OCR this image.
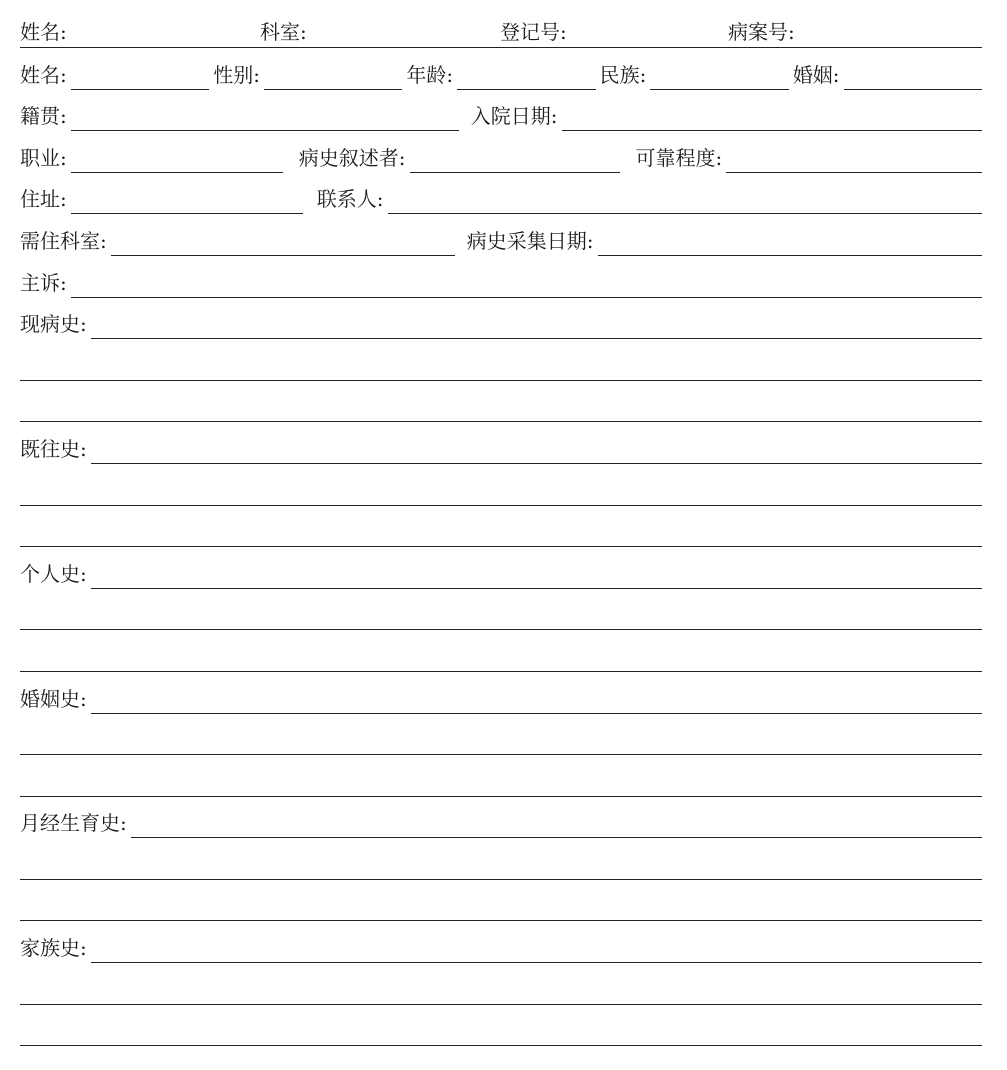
姓名:	科室:	登记号:	病案号:
姓名:	性别:	年龄:	民族:	婚姻:
籍贯:	入院日期:
职业:	病史叙述者:	可靠程度:
住址:	联系人:
需住科室:	病史采集日期:
主诉:
现病史:
既往史:
个人史:
婚姻史:
月经生育史:
家族史:
